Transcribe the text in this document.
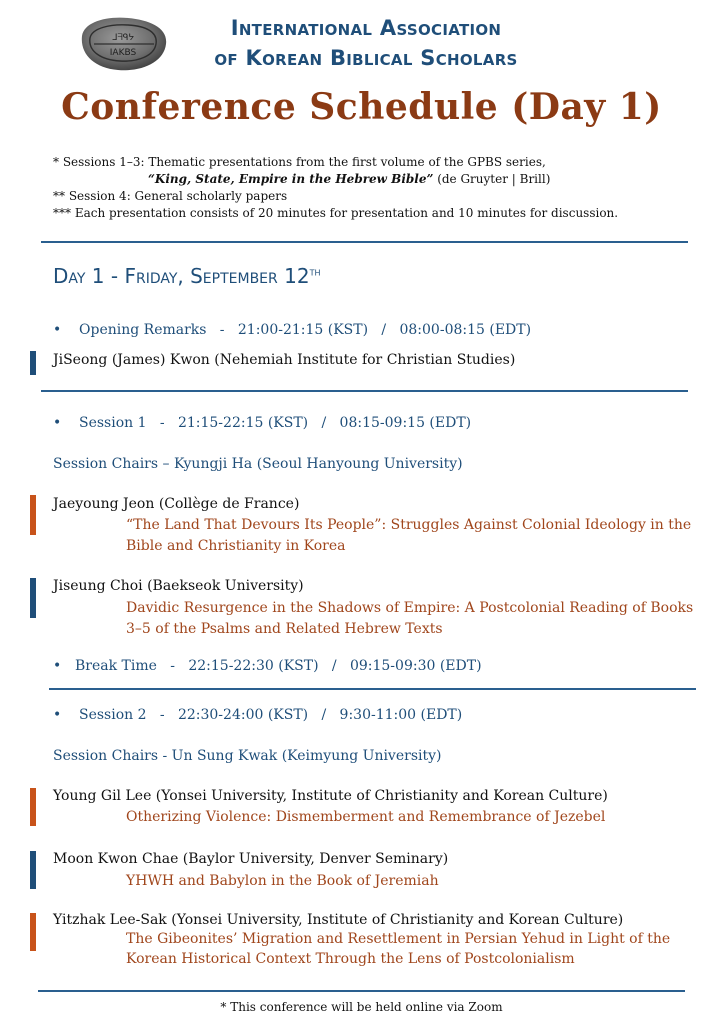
ᒧᖷᑫᔭ
IAKBS
International Association
of Korean Biblical Scholars
Conference Schedule (Day 1)
* Sessions 1–3: Thematic presentations from the first volume of the GPBS series,
“King, State, Empire in the Hebrew Bible” (de Gruyter | Brill)
** Session 4: General scholarly papers
*** Each presentation consists of 20 minutes for presentation and 10 minutes for discussion.
Day 1 - Friday, September 12th
• Opening Remarks   -   21:00-21:15 (KST)   /   08:00-08:15 (EDT)
JiSeong (James) Kwon (Nehemiah Institute for Christian Studies)
• Session 1   -   21:15-22:15 (KST)   /   08:15-09:15 (EDT)
Session Chairs – Kyungji Ha (Seoul Hanyoung University)
Jaeyoung Jeon (Collège de France)
“The Land That Devours Its People”: Struggles Against Colonial Ideology in the
Bible and Christianity in Korea
Jiseung Choi (Baekseok University)
Davidic Resurgence in the Shadows of Empire: A Postcolonial Reading of Books
3–5 of the Psalms and Related Hebrew Texts
• Break Time   -   22:15-22:30 (KST)   /   09:15-09:30 (EDT)
• Session 2   -   22:30-24:00 (KST)   /   9:30-11:00 (EDT)
Session Chairs - Un Sung Kwak (Keimyung University)
Young Gil Lee (Yonsei University, Institute of Christianity and Korean Culture)
Otherizing Violence: Dismemberment and Remembrance of Jezebel
Moon Kwon Chae (Baylor University, Denver Seminary)
YHWH and Babylon in the Book of Jeremiah
Yitzhak Lee-Sak (Yonsei University, Institute of Christianity and Korean Culture)
The Gibeonites’ Migration and Resettlement in Persian Yehud in Light of the
Korean Historical Context Through the Lens of Postcolonialism
* This conference will be held online via Zoom
